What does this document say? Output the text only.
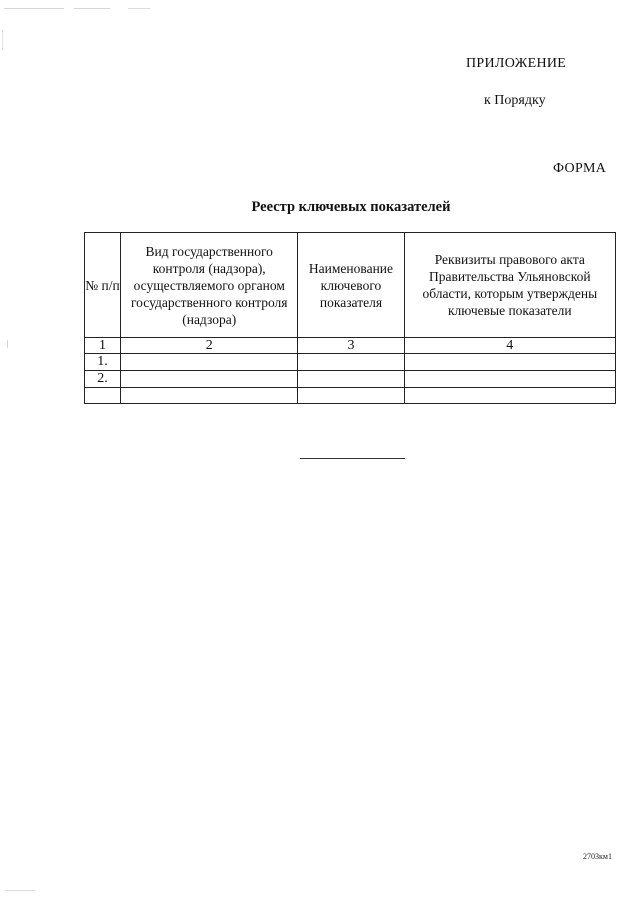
ПРИЛОЖЕНИЕ
к Порядку
ФОРМА
Реестр ключевых показателей
№ п/п	Вид государственного контроля (надзора), осуществляемого органом государственного контроля (надзора)	Наименование ключевого показателя	Реквизиты правового акта Правительства Ульяновской области, которым утверждены ключевые показатели
1	2	3	4
1.			
2.			

2703км1
